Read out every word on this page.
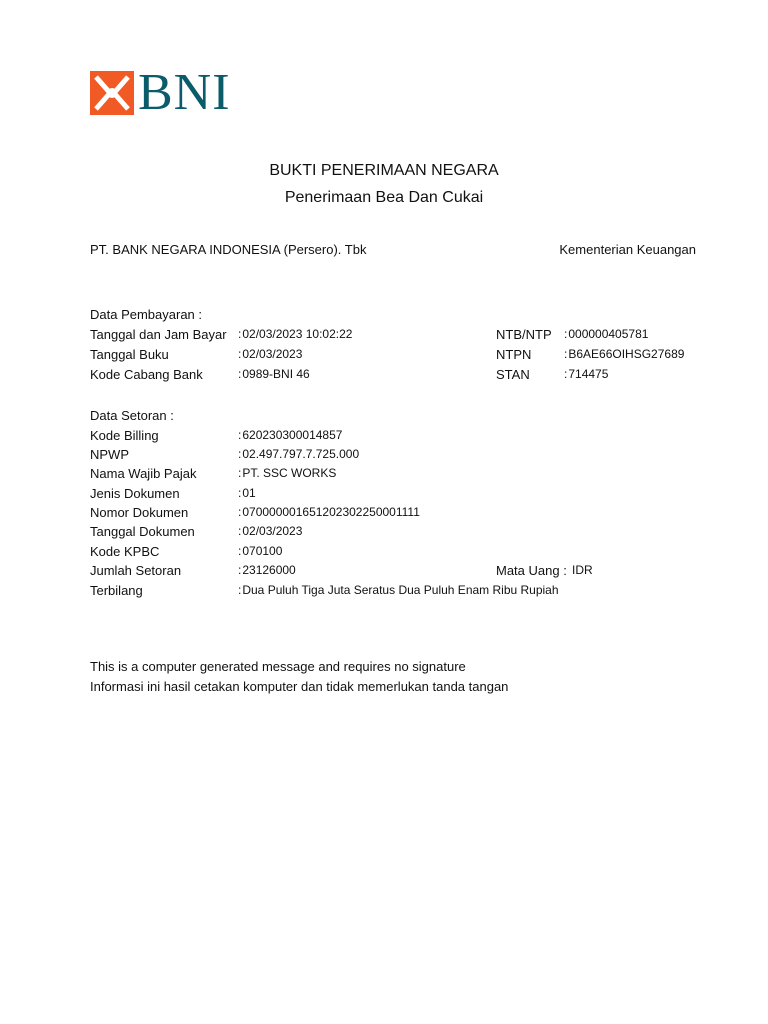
BNI
BUKTI PENERIMAAN NEGARA
Penerimaan Bea Dan Cukai
PT. BANK NEGARA INDONESIA (Persero). Tbk	Kementerian Keuangan
Data Pembayaran :
Tanggal dan Jam Bayar	: 02/03/2023 10:02:22	NTB/NTP	: 000000405781
Tanggal Buku	: 02/03/2023	NTPN	: B6AE66OIHSG27689
Kode Cabang Bank	: 0989-BNI 46	STAN	: 714475
Data Setoran :
Kode Billing	: 620230300014857
NPWP	: 02.497.797.7.725.000
Nama Wajib Pajak	: PT. SSC WORKS
Jenis Dokumen	: 01
Nomor Dokumen	: 070000001651202302250001111
Tanggal Dokumen	: 02/03/2023
Kode KPBC	: 070100
Jumlah Setoran	: 23126000	Mata Uang : IDR
Terbilang	: Dua Puluh Tiga Juta Seratus Dua Puluh Enam Ribu Rupiah
This is a computer generated message and requires no signature
Informasi ini hasil cetakan komputer dan tidak memerlukan tanda tangan
